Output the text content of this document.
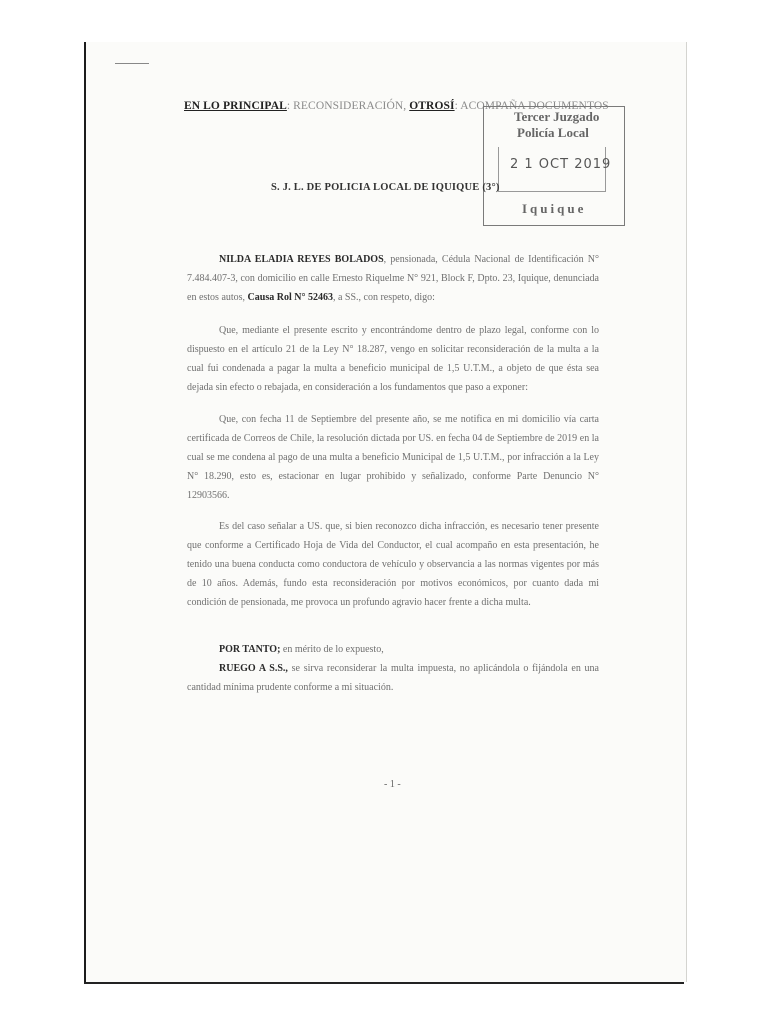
EN LO PRINCIPAL: RECONSIDERACIÓN, OTROSÍ: ACOMPAÑA DOCUMENTOS
Tercer Juzgado
Policía Local
2 1 OCT 2019
Iquique
S. J. L. DE POLICIA LOCAL DE IQUIQUE (3°)
NILDA ELADIA REYES BOLADOS, pensionada, Cédula Nacional de Identificación N° 7.484.407-3, con domicilio en calle Ernesto Riquelme N° 921, Block F, Dpto. 23, Iquique, denunciada en estos autos, Causa Rol N° 52463, a SS., con respeto, digo:
Que, mediante el presente escrito y encontrándome dentro de plazo legal, conforme con lo dispuesto en el artículo 21 de la Ley N° 18.287, vengo en solicitar reconsideración de la multa a la cual fui condenada a pagar la multa a beneficio municipal de 1,5 U.T.M., a objeto de que ésta sea dejada sin efecto o rebajada, en consideración a los fundamentos que paso a exponer:
Que, con fecha 11 de Septiembre del presente año, se me notifica en mi domicilio vía carta certificada de Correos de Chile, la resolución dictada por US. en fecha 04 de Septiembre de 2019 en la cual se me condena al pago de una multa a beneficio Municipal de 1,5 U.T.M., por infracción a la Ley N° 18.290, esto es, estacionar en lugar prohibido y señalizado, conforme Parte Denuncio N° 12903566.
Es del caso señalar a US. que, si bien reconozco dicha infracción, es necesario tener presente que conforme a Certificado Hoja de Vida del Conductor, el cual acompaño en esta presentación, he tenido una buena conducta como conductora de vehículo y observancia a las normas vigentes por más de 10 años. Además, fundo esta reconsideración por motivos económicos, por cuanto dada mi condición de pensionada, me provoca un profundo agravio hacer frente a dicha multa.
POR TANTO; en mérito de lo expuesto,
RUEGO A S.S., se sirva reconsiderar la multa impuesta, no aplicándola o fijándola en una cantidad mínima prudente conforme a mi situación.
- 1 -
